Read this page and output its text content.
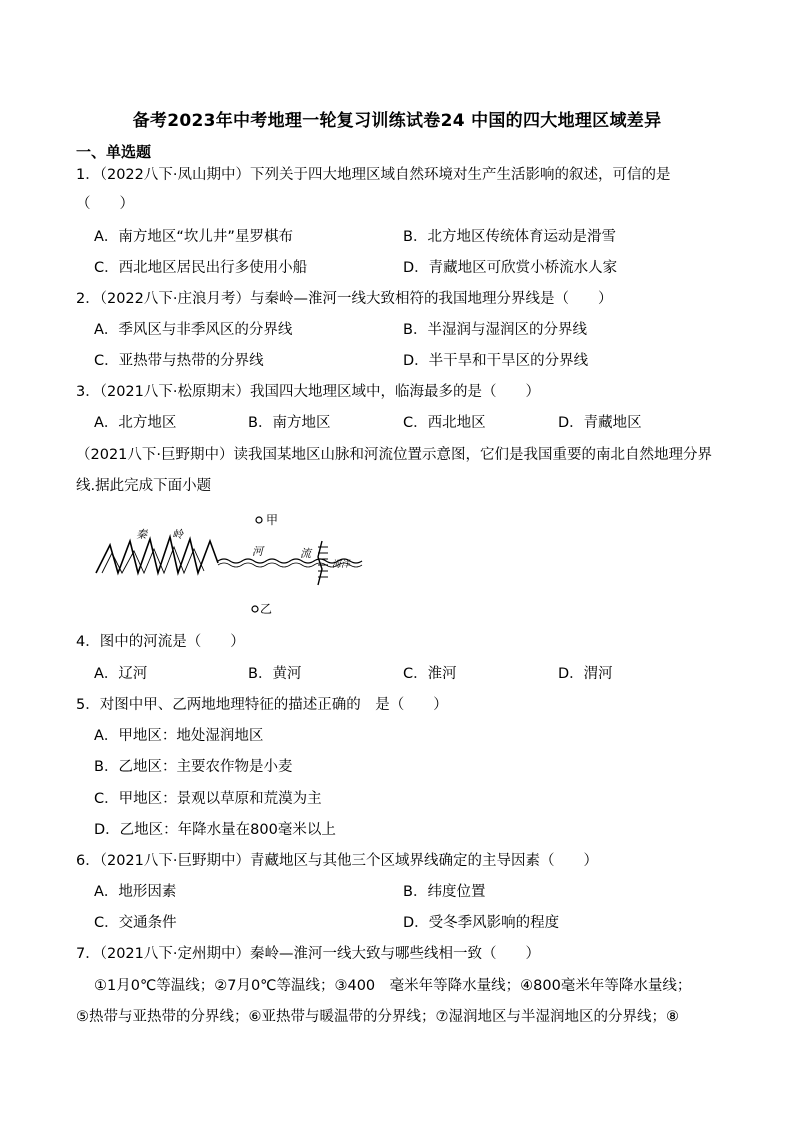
备考2023年中考地理一轮复习训练试卷24 中国的四大地理区域差异
一、单选题
1．（2022八下·凤山期中）下列关于四大地理区域自然环境对生产生活影响的叙述，可信的是
（　　）
A．南方地区“坎儿井”星罗棋布	B．北方地区传统体育运动是滑雪
C．西北地区居民出行多使用小船	D．青藏地区可欣赏小桥流水人家
2．（2022八下·庄浪月考）与秦岭—淮河一线大致相符的我国地理分界线是（　　）
A．季风区与非季风区的分界线	B．半湿润与湿润区的分界线
C．亚热带与热带的分界线	D．半干旱和干旱区的分界线
3．（2021八下·松原期末）我国四大地理区域中，临海最多的是（　　）
A．北方地区	B．南方地区	C．西北地区	D．青藏地区
（2021八下·巨野期中）读我国某地区山脉和河流位置示意图，它们是我国重要的南北自然地理分界
线.据此完成下面小题
甲
乙
秦 岭
河	流
海洋
4．图中的河流是（　　）
A．辽河	B．黄河	C．淮河	D．渭河
5．对图中甲、乙两地地理特征的描述正确的　是（　　）
A．甲地区：地处湿润地区
B．乙地区：主要农作物是小麦
C．甲地区：景观以草原和荒漠为主
D．乙地区：年降水量在800毫米以上
6．（2021八下·巨野期中）青藏地区与其他三个区域界线确定的主导因素（　　）
A．地形因素	B．纬度位置
C．交通条件	D．受冬季风影响的程度
7．（2021八下·定州期中）秦岭—淮河一线大致与哪些线相一致（　　）
①1月0℃等温线；②7月0℃等温线；③400　毫米年等降水量线；④800毫米年等降水量线；
⑤热带与亚热带的分界线；⑥亚热带与暖温带的分界线；⑦湿润地区与半湿润地区的分界线；⑧
